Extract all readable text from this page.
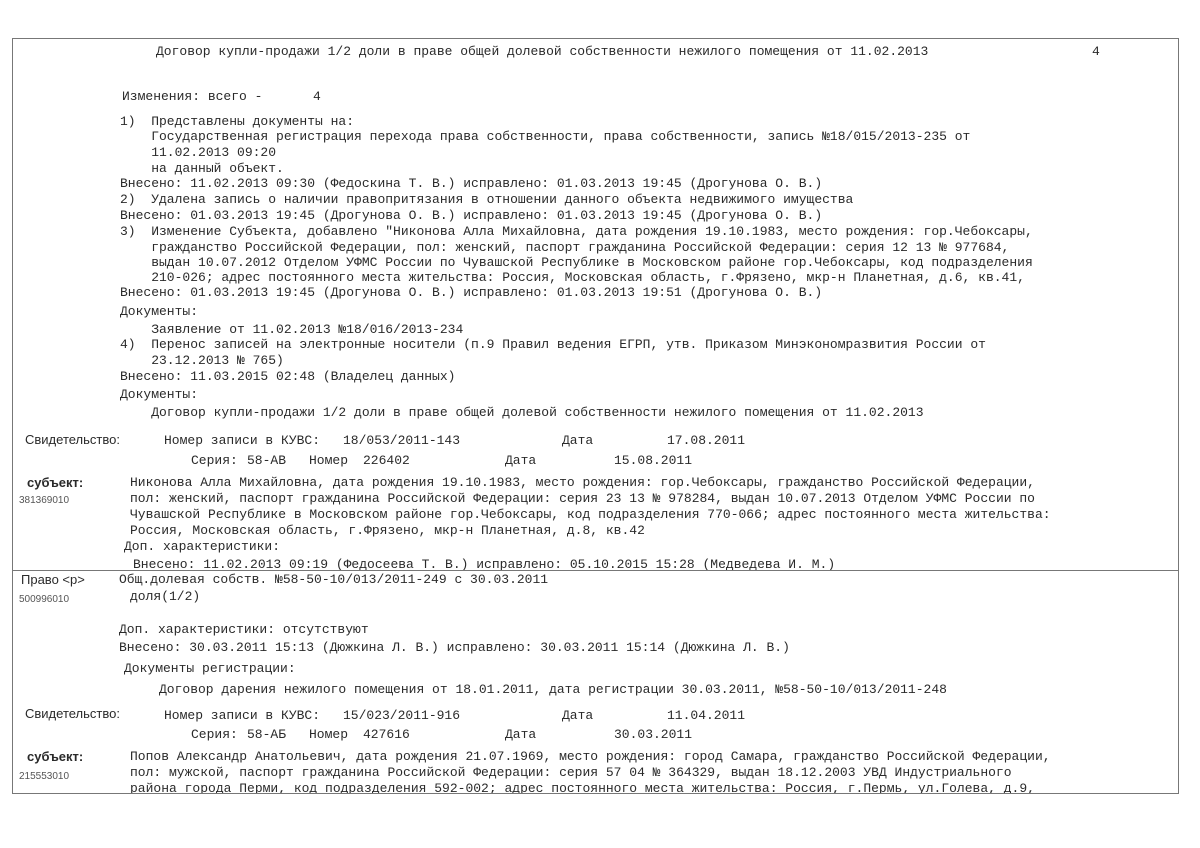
Договор купли-продажи 1/2 доли в праве общей долевой собственности нежилого помещения от 11.02.2013	4
Изменения: всего -	4
1)  Представлены документы на:
Государственная регистрация перехода права собственности, права собственности, запись №18/015/2013-235 от
11.02.2013 09:20
на данный объект.
Внесено: 11.02.2013 09:30 (Федоскина Т. В.) исправлено: 01.03.2013 19:45 (Дрогунова О. В.)
2)  Удалена запись о наличии правопритязания в отношении данного объекта недвижимого имущества
Внесено: 01.03.2013 19:45 (Дрогунова О. В.) исправлено: 01.03.2013 19:45 (Дрогунова О. В.)
3)  Изменение Субъекта, добавлено "Никонова Алла Михайловна, дата рождения 19.10.1983, место рождения: гор.Чебоксары,
гражданство Российской Федерации, пол: женский, паспорт гражданина Российской Федерации: серия 12 13 № 977684,
выдан 10.07.2012 Отделом УФМС России по Чувашской Республике в Московском районе гор.Чебоксары, код подразделения
210-026; адрес постоянного места жительства: Россия, Московская область, г.Фрязено, мкр-н Планетная, д.6, кв.41,
Внесено: 01.03.2013 19:45 (Дрогунова О. В.) исправлено: 01.03.2013 19:51 (Дрогунова О. В.)
Документы:
Заявление от 11.02.2013 №18/016/2013-234
4)  Перенос записей на электронные носители (п.9 Правил ведения ЕГРП, утв. Приказом Минэкономразвития России от
23.12.2013 № 765)
Внесено: 11.03.2015 02:48 (Владелец данных)
Документы:
Договор купли-продажи 1/2 доли в праве общей долевой собственности нежилого помещения от 11.02.2013
Свидетельство:	Номер записи в КУВС: 18/053/2011-143	Дата	17.08.2011
Серия: 58-АВ Номер 226402	Дата	15.08.2011
субъект:
381369010
Никонова Алла Михайловна, дата рождения 19.10.1983, место рождения: гор.Чебоксары, гражданство Российской Федерации,
пол: женский, паспорт гражданина Российской Федерации: серия 23 13 № 978284, выдан 10.07.2013 Отделом УФМС России по
Чувашской Республике в Московском районе гор.Чебоксары, код подразделения 770-066; адрес постоянного места жительства:
Россия, Московская область, г.Фрязено, мкр-н Планетная, д.8, кв.42
Доп. характеристики:
Внесено: 11.02.2013 09:19 (Федосеева Т. В.) исправлено: 05.10.2015 15:28 (Медведева И. М.)
Право <р>
500996010
Общ.долевая собств. №58-50-10/013/2011-249 с 30.03.2011
доля(1/2)
Доп. характеристики: отсутствуют
Внесено: 30.03.2011 15:13 (Дюжкина Л. В.) исправлено: 30.03.2011 15:14 (Дюжкина Л. В.)
Документы регистрации:
Договор дарения нежилого помещения от 18.01.2011, дата регистрации 30.03.2011, №58-50-10/013/2011-248
Свидетельство:	Номер записи в КУВС: 15/023/2011-916	Дата	11.04.2011
Серия: 58-АБ Номер 427616	Дата	30.03.2011
субъект:
215553010
Попов Александр Анатольевич, дата рождения 21.07.1969, место рождения: город Самара, гражданство Российской Федерации,
пол: мужской, паспорт гражданина Российской Федерации: серия 57 04 № 364329, выдан 18.12.2003 УВД Индустриального
района города Перми, код подразделения 592-002; адрес постоянного места жительства: Россия, г.Пермь, ул.Голева, д.9,
